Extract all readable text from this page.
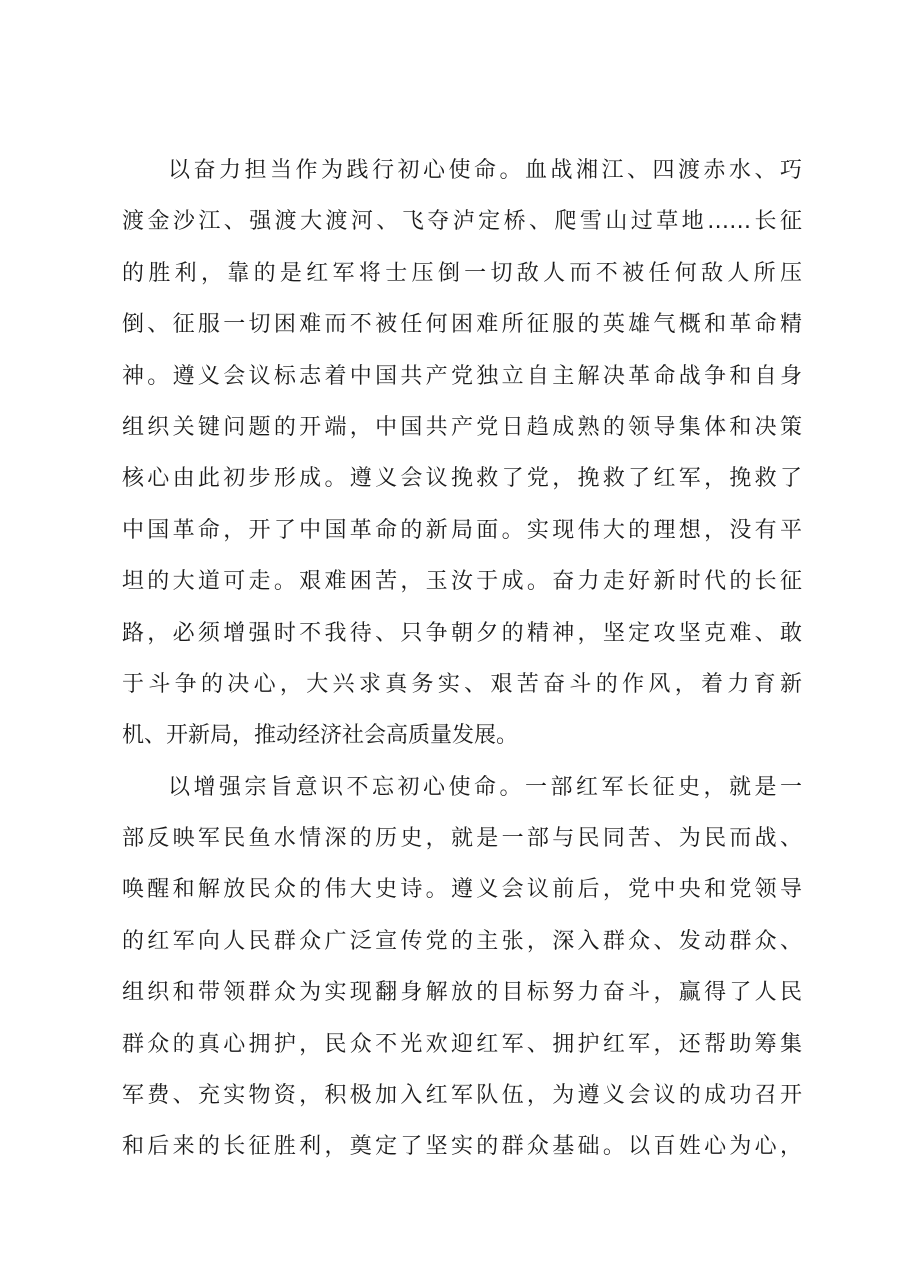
以奋力担当作为践行初心使命。血战湘江、四渡赤水、巧
渡金沙江、强渡大渡河、飞夺泸定桥、爬雪山过草地……长征
的胜利，靠的是红军将士压倒一切敌人而不被任何敌人所压
倒、征服一切困难而不被任何困难所征服的英雄气概和革命精
神。遵义会议标志着中国共产党独立自主解决革命战争和自身
组织关键问题的开端，中国共产党日趋成熟的领导集体和决策
核心由此初步形成。遵义会议挽救了党，挽救了红军，挽救了
中国革命，开了中国革命的新局面。实现伟大的理想，没有平
坦的大道可走。艰难困苦，玉汝于成。奋力走好新时代的长征
路，必须增强时不我待、只争朝夕的精神，坚定攻坚克难、敢
于斗争的决心，大兴求真务实、艰苦奋斗的作风，着力育新
机、开新局，推动经济社会高质量发展。
以增强宗旨意识不忘初心使命。一部红军长征史，就是一
部反映军民鱼水情深的历史，就是一部与民同苦、为民而战、
唤醒和解放民众的伟大史诗。遵义会议前后，党中央和党领导
的红军向人民群众广泛宣传党的主张，深入群众、发动群众、
组织和带领群众为实现翻身解放的目标努力奋斗，赢得了人民
群众的真心拥护，民众不光欢迎红军、拥护红军，还帮助筹集
军费、充实物资，积极加入红军队伍，为遵义会议的成功召开
和后来的长征胜利，奠定了坚实的群众基础。以百姓心为心，
